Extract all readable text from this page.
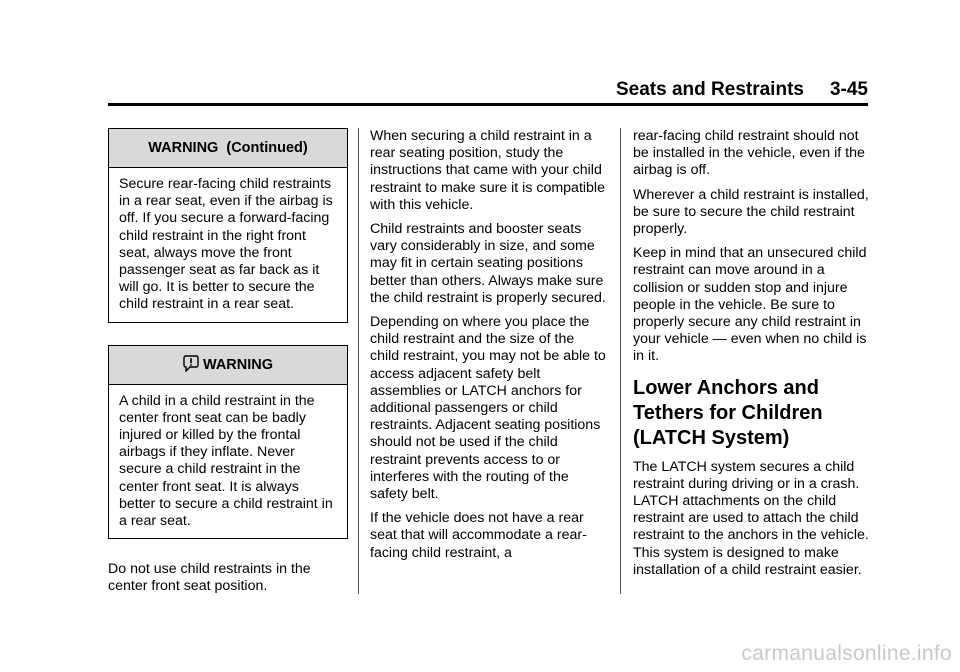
Seats and Restraints 3-45
WARNING  (Continued)

Secure rear-facing child restraints in a rear seat, even if the airbag is off. If you secure a forward-facing child restraint in the right front seat, always move the front passenger seat as far back as it will go. It is better to secure the child restraint in a rear seat.

WARNING

A child in a child restraint in the center front seat can be badly injured or killed by the frontal airbags if they inflate. Never secure a child restraint in the center front seat. It is always better to secure a child restraint in a rear seat.

Do not use child restraints in the center front seat position.

When securing a child restraint in a rear seating position, study the instructions that came with your child restraint to make sure it is compatible with this vehicle.

Child restraints and booster seats vary considerably in size, and some may fit in certain seating positions better than others. Always make sure the child restraint is properly secured.

Depending on where you place the child restraint and the size of the child restraint, you may not be able to access adjacent safety belt assemblies or LATCH anchors for additional passengers or child restraints. Adjacent seating positions should not be used if the child restraint prevents access to or interferes with the routing of the safety belt.

If the vehicle does not have a rear seat that will accommodate a rear-facing child restraint, a

rear-facing child restraint should not be installed in the vehicle, even if the airbag is off.

Wherever a child restraint is installed, be sure to secure the child restraint properly.

Keep in mind that an unsecured child restraint can move around in a collision or sudden stop and injure people in the vehicle. Be sure to properly secure any child restraint in your vehicle — even when no child is in it.

Lower Anchors and Tethers for Children (LATCH System)

The LATCH system secures a child restraint during driving or in a crash. LATCH attachments on the child restraint are used to attach the child restraint to the anchors in the vehicle. This system is designed to make installation of a child restraint easier.

carmanualsonline.info
